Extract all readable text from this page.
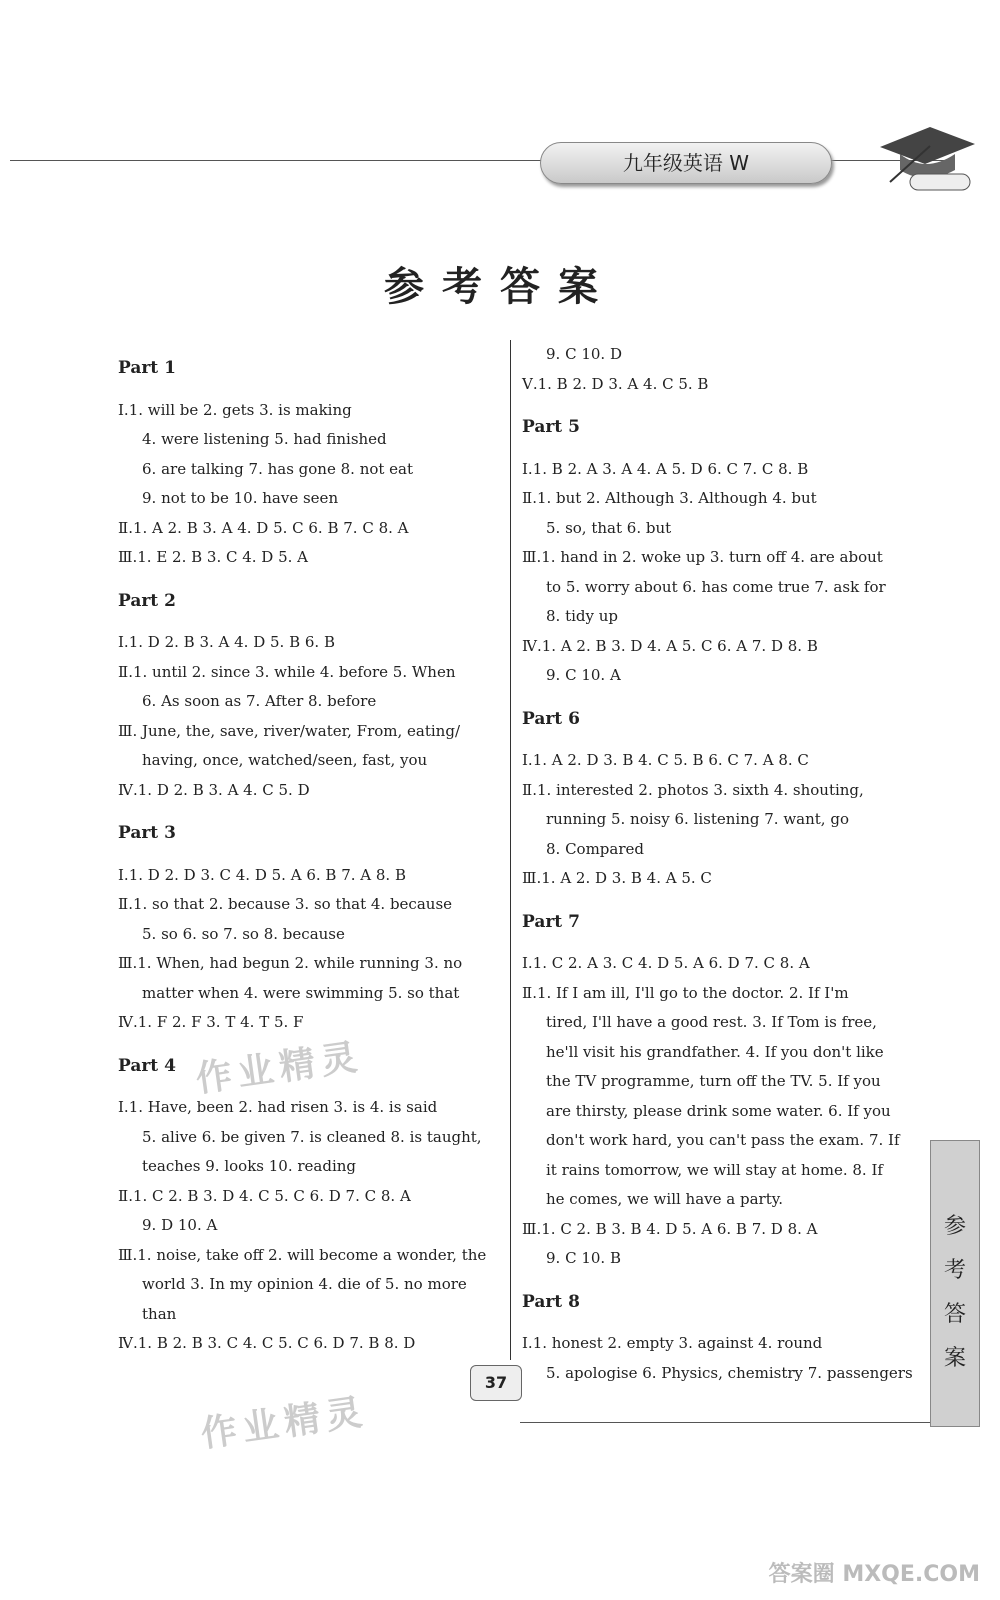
九年级英语 W
参考答案
Part 1
Ⅰ.1. will be 2. gets 3. is making
4. were listening 5. had finished
6. are talking 7. has gone 8. not eat
9. not to be 10. have seen
Ⅱ.1. A 2. B 3. A 4. D 5. C 6. B 7. C 8. A
Ⅲ.1. E 2. B 3. C 4. D 5. A
Part 2
Ⅰ.1. D 2. B 3. A 4. D 5. B 6. B
Ⅱ.1. until 2. since 3. while 4. before 5. When
6. As soon as 7. After 8. before
Ⅲ. June, the, save, river/water, From, eating/
having, once, watched/seen, fast, you
Ⅳ.1. D 2. B 3. A 4. C 5. D
Part 3
Ⅰ.1. D 2. D 3. C 4. D 5. A 6. B 7. A 8. B
Ⅱ.1. so that 2. because 3. so that 4. because
5. so 6. so 7. so 8. because
Ⅲ.1. When, had begun 2. while running 3. no
matter when 4. were swimming 5. so that
Ⅳ.1. F 2. F 3. T 4. T 5. F
Part 4
Ⅰ.1. Have, been 2. had risen 3. is 4. is said
5. alive 6. be given 7. is cleaned 8. is taught,
teaches 9. looks 10. reading
Ⅱ.1. C 2. B 3. D 4. C 5. C 6. D 7. C 8. A
9. D 10. A
Ⅲ.1. noise, take off 2. will become a wonder, the
world 3. In my opinion 4. die of 5. no more
than
Ⅳ.1. B 2. B 3. C 4. C 5. C 6. D 7. B 8. D
9. C 10. D
Ⅴ.1. B 2. D 3. A 4. C 5. B
Part 5
Ⅰ.1. B 2. A 3. A 4. A 5. D 6. C 7. C 8. B
Ⅱ.1. but 2. Although 3. Although 4. but
5. so, that 6. but
Ⅲ.1. hand in 2. woke up 3. turn off 4. are about
to 5. worry about 6. has come true 7. ask for
8. tidy up
Ⅳ.1. A 2. B 3. D 4. A 5. C 6. A 7. D 8. B
9. C 10. A
Part 6
Ⅰ.1. A 2. D 3. B 4. C 5. B 6. C 7. A 8. C
Ⅱ.1. interested 2. photos 3. sixth 4. shouting,
running 5. noisy 6. listening 7. want, go
8. Compared
Ⅲ.1. A 2. D 3. B 4. A 5. C
Part 7
Ⅰ.1. C 2. A 3. C 4. D 5. A 6. D 7. C 8. A
Ⅱ.1. If I am ill, I'll go to the doctor. 2. If I'm
tired, I'll have a good rest. 3. If Tom is free,
he'll visit his grandfather. 4. If you don't like
the TV programme, turn off the TV. 5. If you
are thirsty, please drink some water. 6. If you
don't work hard, you can't pass the exam. 7. If
it rains tomorrow, we will stay at home. 8. If
he comes, we will have a party.
Ⅲ.1. C 2. B 3. B 4. D 5. A 6. B 7. D 8. A
9. C 10. B
Part 8
Ⅰ.1. honest 2. empty 3. against 4. round
5. apologise 6. Physics, chemistry 7. passengers
作业精灵
作业精灵
参考答案
37
答案圈 MXQE.COM
